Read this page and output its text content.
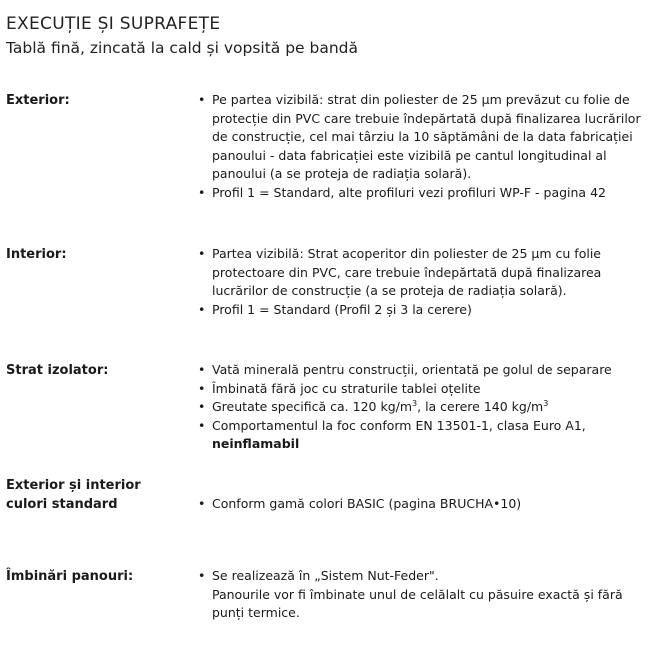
EXECUȚIE ȘI SUPRAFEȚE
Tablă fină, zincată la cald și vopsită pe bandă
Exterior:	• Pe partea vizibilă: strat din poliester de 25 µm prevăzut cu folie de protecție din PVC care trebuie îndepărtată după finalizarea lucrărilor de construcție, cel mai târziu la 10 săptămâni de la data fabricației panoului - data fabricației este vizibilă pe cantul longitudinal al panoului (a se proteja de radiația solară).
• Profil 1 = Standard, alte profiluri vezi profiluri WP-F - pagina 42
Interior:	• Partea vizibilă: Strat acoperitor din poliester de 25 µm cu folie protectoare din PVC, care trebuie îndepărtată după finalizarea lucrărilor de construcție (a se proteja de radiația solară).
• Profil 1 = Standard (Profil 2 și 3 la cerere)
Strat izolator:	• Vată minerală pentru construcții, orientată pe golul de separare
• Îmbinată fără joc cu straturile tablei oțelite
• Greutate specifică ca. 120 $kg/m^3$, la cerere 140 $kg/m^3$
• Comportamentul la foc conform EN 13501-1, clasa Euro A1,
neinflamabil
Exterior și interior
culori standard	• Conform gamă colori BASIC (pagina BRUCHA•10)
Îmbinări panouri:	• Se realizează în „Sistem Nut-Feder".
Panourile vor fi îmbinate unul de celălalt cu păsuire exactă și fără punți termice.
